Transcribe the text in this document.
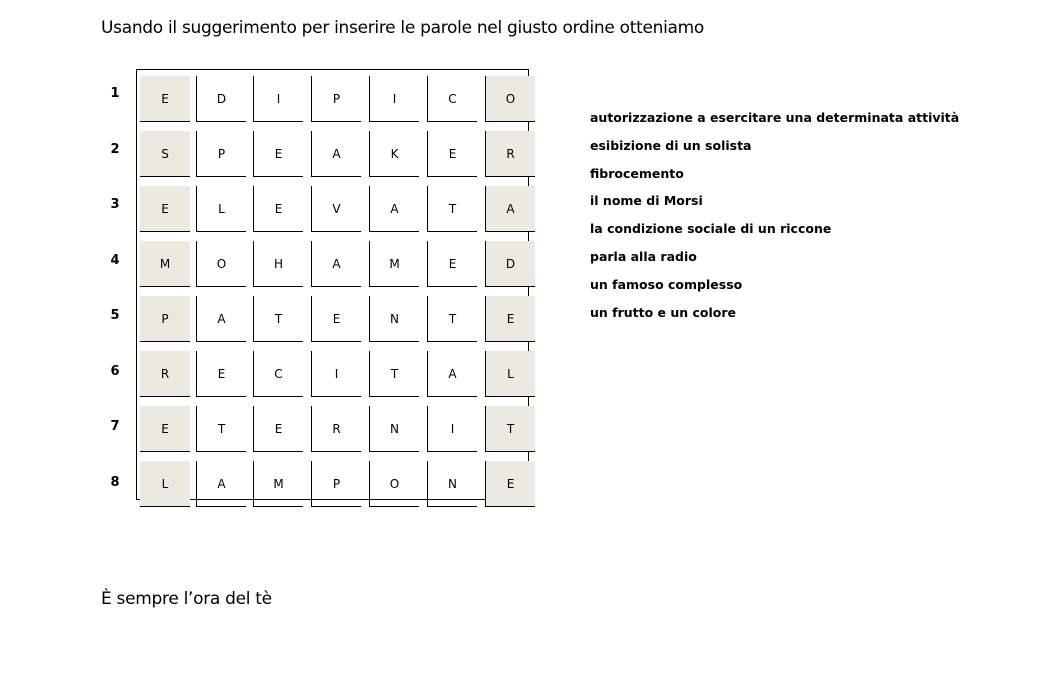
Usando il suggerimento per inserire le parole nel giusto ordine otteniamo
1
2
3
4
5
6
7
8
E	D	I	P	I	C	O
S	P	E	A	K	E	R
E	L	E	V	A	T	A
M	O	H	A	M	E	D
P	A	T	E	N	T	E
R	E	C	I	T	A	L
E	T	E	R	N	I	T
L	A	M	P	O	N	E
autorizzazione a esercitare una determinata attività
esibizione di un solista
fibrocemento
il nome di Morsi
la condizione sociale di un riccone
parla alla radio
un famoso complesso
un frutto e un colore
È sempre l’ora del tè
